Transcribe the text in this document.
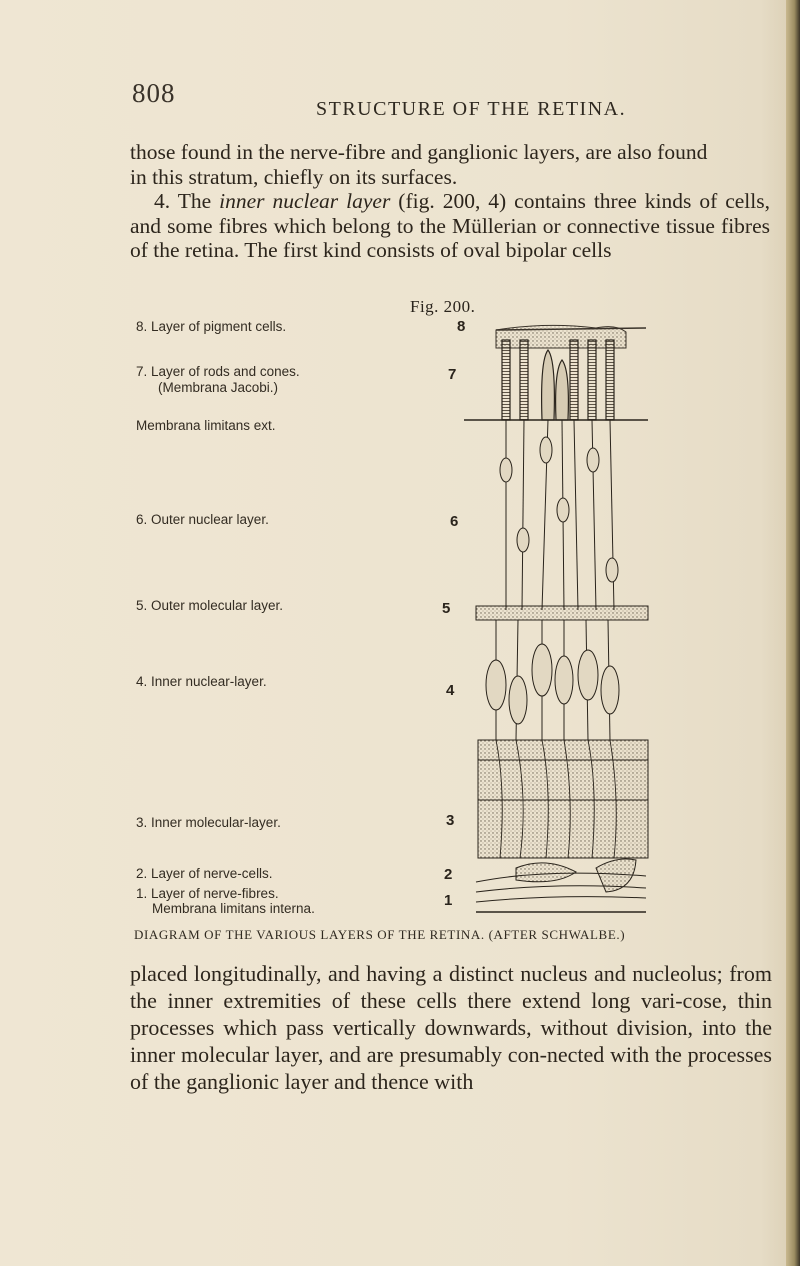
808
STRUCTURE OF THE RETINA.

those found in the nerve-fibre and ganglionic layers, are also found
in this stratum, chiefly on its surfaces.
4. The inner nuclear layer (fig. 200, 4) contains three kinds of cells, and some fibres which belong to the Müllerian or connective tissue fibres of the retina. The first kind consists of oval bipolar cells

Fig. 200.
8. Layer of pigment cells.
7. Layer of rods and cones.
(Membrana Jacobi.)
Membrana limitans ext.
6. Outer nuclear layer.
5. Outer molecular layer.
4. Inner nuclear-layer.
3. Inner molecular-layer.
2. Layer of nerve-cells.
1. Layer of nerve-fibres.
Membrana limitans interna.
8
7
6
5
4
3
2
1
DIAGRAM OF THE VARIOUS LAYERS OF THE RETINA. (AFTER SCHWALBE.)

placed longitudinally, and having a distinct nucleus and nucleolus; from the inner extremities of these cells there extend long vari-cose, thin processes which pass vertically downwards, without division, into the inner molecular layer, and are presumably con-nected with the processes of the ganglionic layer and thence with
